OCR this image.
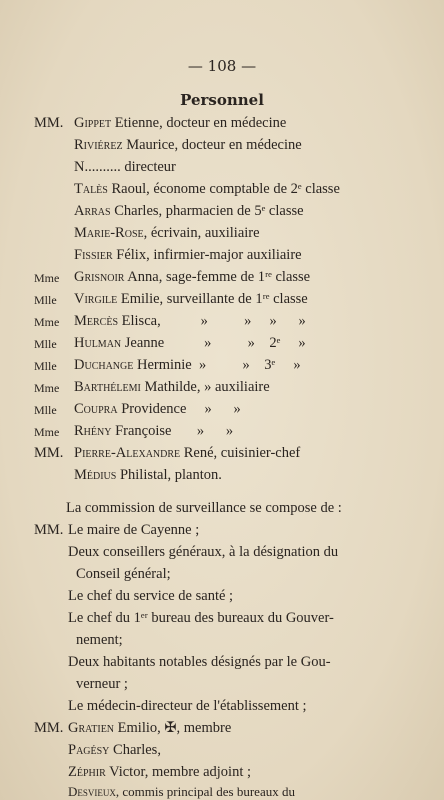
— 108 —
Personnel
MM. Gippet Etienne, docteur en médecine
Riviérez Maurice, docteur en médecine
N.......... directeur
Talès Raoul, économe comptable de 2ᵉ classe
Arras Charles, pharmacien de 5ᵉ classe
Marie-Rose, écrivain, auxiliaire
Fissier Félix, infirmier-major auxiliaire
Mme Grisnoir Anna, sage-femme de 1ʳᵉ classe
Mlle Virgile Emilie, surveillante de 1ʳᵉ classe
Mme Mercès Elisca,           »          »     »      »
Mlle Hulman Jeanne           »          »    2ᵉ     »
Mlle Duchange Herminie  »          »    3ᵉ     »
Mme Barthélemi Mathilde, » auxiliaire
Mlle Coupra Providence     »      »
Mme Rhény Françoise       »      »
MM. Pierre-Alexandre René, cuisinier-chef
Médius Philistal, planton.
La commission de surveillance se compose de :
MM. Le maire de Cayenne ;
Deux conseillers généraux, à la désignation du
Conseil général;
Le chef du service de santé ;
Le chef du 1ᵉʳ bureau des bureaux du Gouver-
nement;
Deux habitants notables désignés par le Gou-
verneur ;
Le médecin-directeur de l'établissement ;
MM. Gratien Emilio, ✠, membre
Pagésy Charles,
Zéphir Victor, membre adjoint ;
Desvieux, commis principal des bureaux du
